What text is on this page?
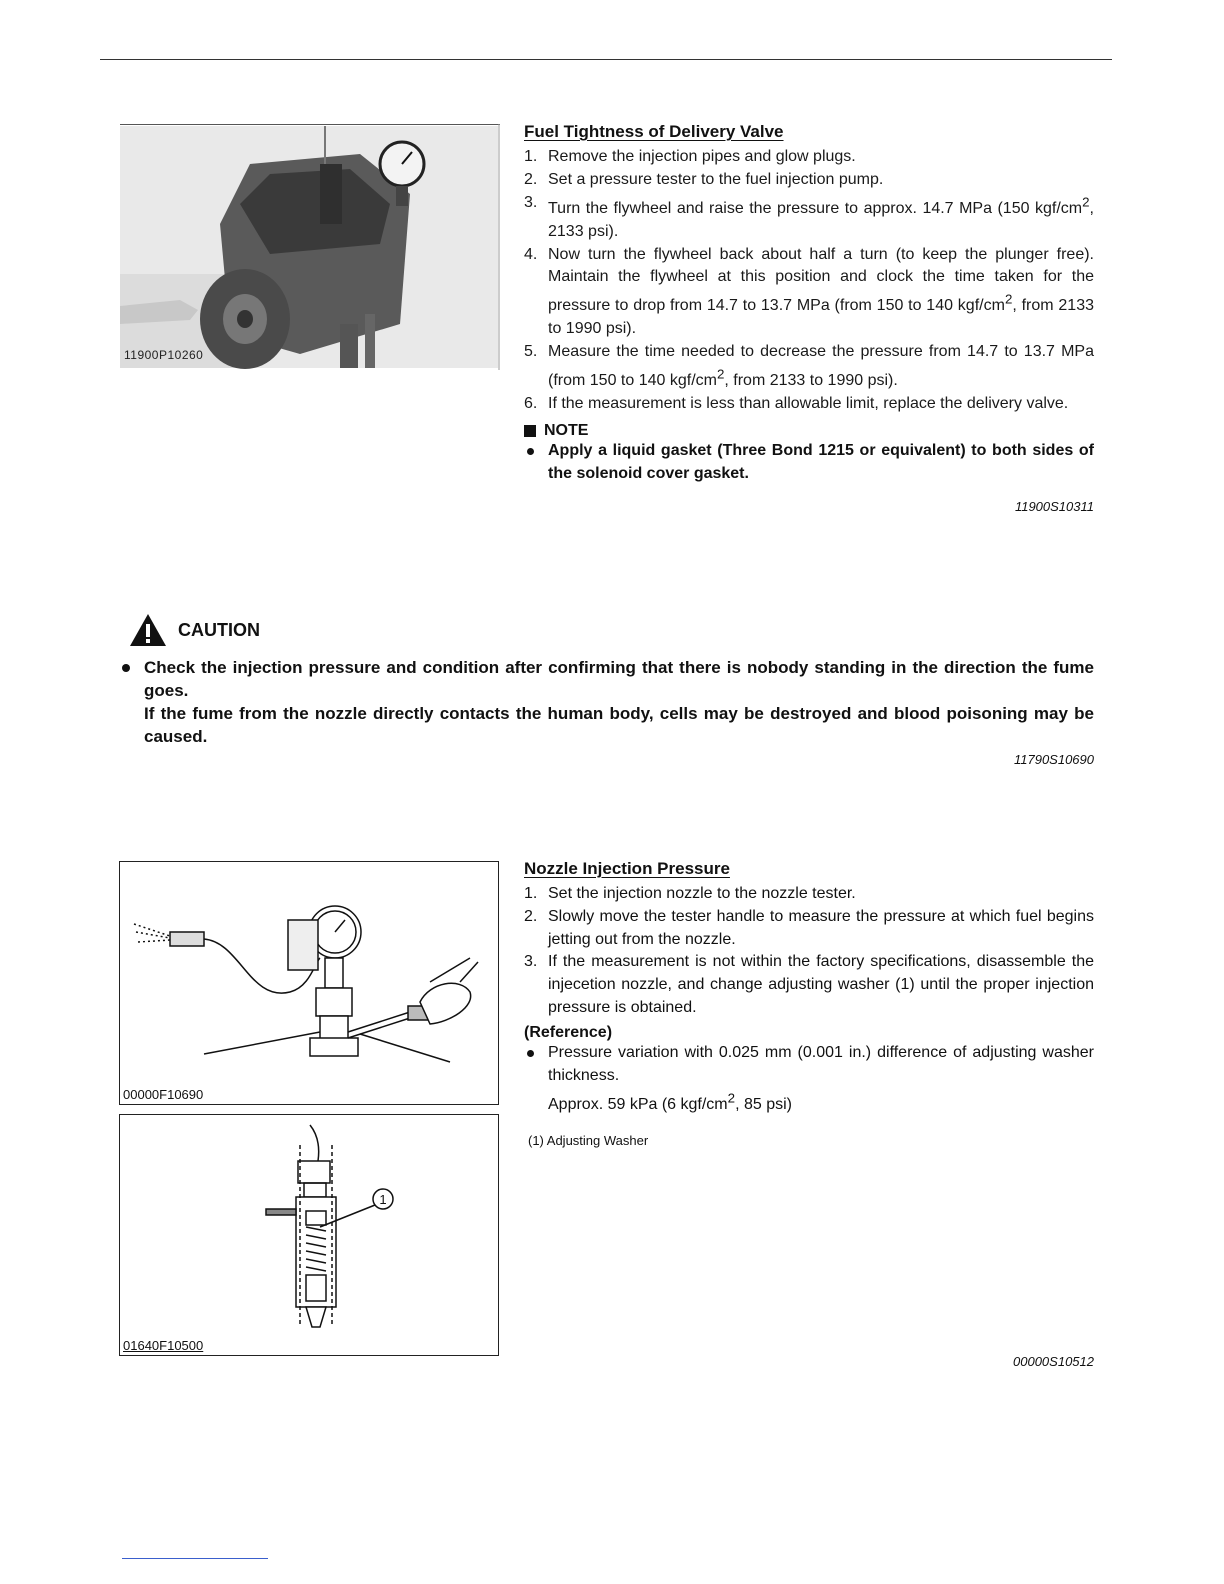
11900P10260
Fuel Tightness of Delivery Valve
1. Remove the injection pipes and glow plugs.
2. Set a pressure tester to the fuel injection pump.
3. Turn the flywheel and raise the pressure to approx. 14.7 MPa (150 kgf/$cm^2$, 2133 psi).
4. Now turn the flywheel back about half a turn (to keep the plunger free). Maintain the flywheel at this position and clock the time taken for the pressure to drop from 14.7 to 13.7 MPa (from 150 to 140 kgf/$cm^2$, from 2133 to 1990 psi).
5. Measure the time needed to decrease the pressure from 14.7 to 13.7 MPa (from 150 to 140 kgf/$cm^2$, from 2133 to 1990 psi).
6. If the measurement is less than allowable limit, replace the delivery valve.
NOTE
Apply a liquid gasket (Three Bond 1215 or equivalent) to both sides of the solenoid cover gasket.
11900S10311
CAUTION
Check the injection pressure and condition after confirming that there is nobody standing in the direction the fume goes.
If the fume from the nozzle directly contacts the human body, cells may be destroyed and blood poisoning may be caused.
11790S10690
00000F10690
1
01640F10500
Nozzle Injection Pressure
1. Set the injection nozzle to the nozzle tester.
2. Slowly move the tester handle to measure the pressure at which fuel begins jetting out from the nozzle.
3. If the measurement is not within the factory specifications, disassemble the injecetion nozzle, and change adjusting washer (1) until the proper injection pressure is obtained.
(Reference)
Pressure variation with 0.025 mm (0.001 in.) difference of adjusting washer thickness.
Approx. 59 kPa (6 kgf/$cm^2$, 85 psi)
(1) Adjusting Washer
00000S10512
